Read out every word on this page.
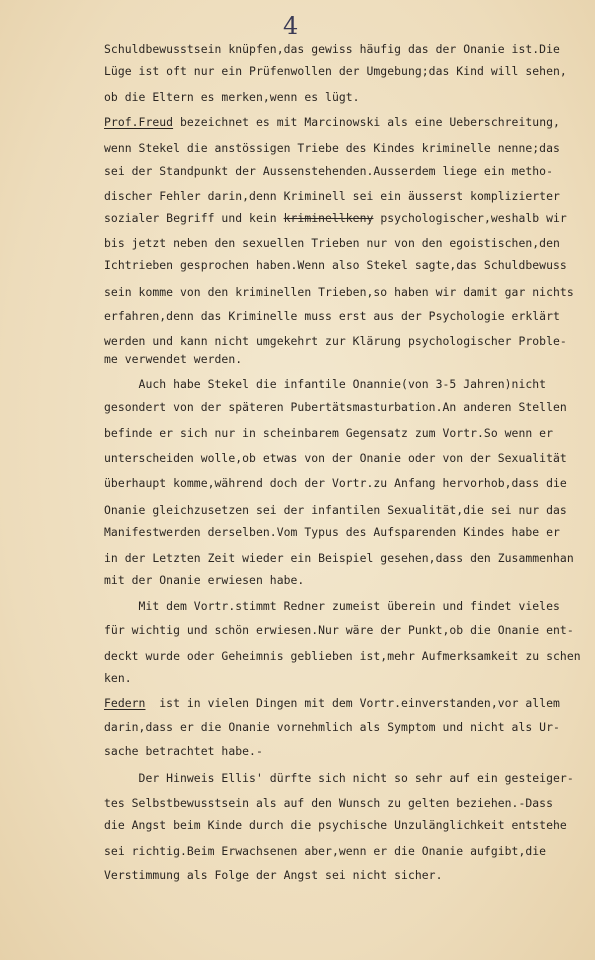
4
Schuldbewusstsein knüpfen,das gewiss häufig das der Onanie ist.Die
Lüge ist oft nur ein Prüfenwollen der Umgebung;das Kind will sehen,
ob die Eltern es merken,wenn es lügt.
Prof.Freud bezeichnet es mit Marcinowski als eine Ueberschreitung,
wenn Stekel die anstössigen Triebe des Kindes kriminelle nenne;das
sei der Standpunkt der Aussenstehenden.Ausserdem liege ein metho-
discher Fehler darin,denn Kriminell sei ein äusserst komplizierter
sozialer Begriff und kein kriminellkeny psychologischer,weshalb wir
bis jetzt neben den sexuellen Trieben nur von den egoistischen,den
Ichtrieben gesprochen haben.Wenn also Stekel sagte,das Schuldbewuss
sein komme von den kriminellen Trieben,so haben wir damit gar nichts
erfahren,denn das Kriminelle muss erst aus der Psychologie erklärt
werden und kann nicht umgekehrt zur Klärung psychologischer Proble-
me verwendet werden.
Auch habe Stekel die infantile Onannie(von 3-5 Jahren)nicht
gesondert von der späteren Pubertätsmasturbation.An anderen Stellen
befinde er sich nur in scheinbarem Gegensatz zum Vortr.So wenn er
unterscheiden wolle,ob etwas von der Onanie oder von der Sexualität
überhaupt komme,während doch der Vortr.zu Anfang hervorhob,dass die
Onanie gleichzusetzen sei der infantilen Sexualität,die sei nur das
Manifestwerden derselben.Vom Typus des Aufsparenden Kindes habe er
in der Letzten Zeit wieder ein Beispiel gesehen,dass den Zusammenhan
mit der Onanie erwiesen habe.
Mit dem Vortr.stimmt Redner zumeist überein und findet vieles
für wichtig und schön erwiesen.Nur wäre der Punkt,ob die Onanie ent-
deckt wurde oder Geheimnis geblieben ist,mehr Aufmerksamkeit zu schen
ken.
Federn  ist in vielen Dingen mit dem Vortr.einverstanden,vor allem
darin,dass er die Onanie vornehmlich als Symptom und nicht als Ur-
sache betrachtet habe.-
Der Hinweis Ellis' dürfte sich nicht so sehr auf ein gesteiger-
tes Selbstbewusstsein als auf den Wunsch zu gelten beziehen.-Dass
die Angst beim Kinde durch die psychische Unzulänglichkeit entstehe
sei richtig.Beim Erwachsenen aber,wenn er die Onanie aufgibt,die
Verstimmung als Folge der Angst sei nicht sicher.
